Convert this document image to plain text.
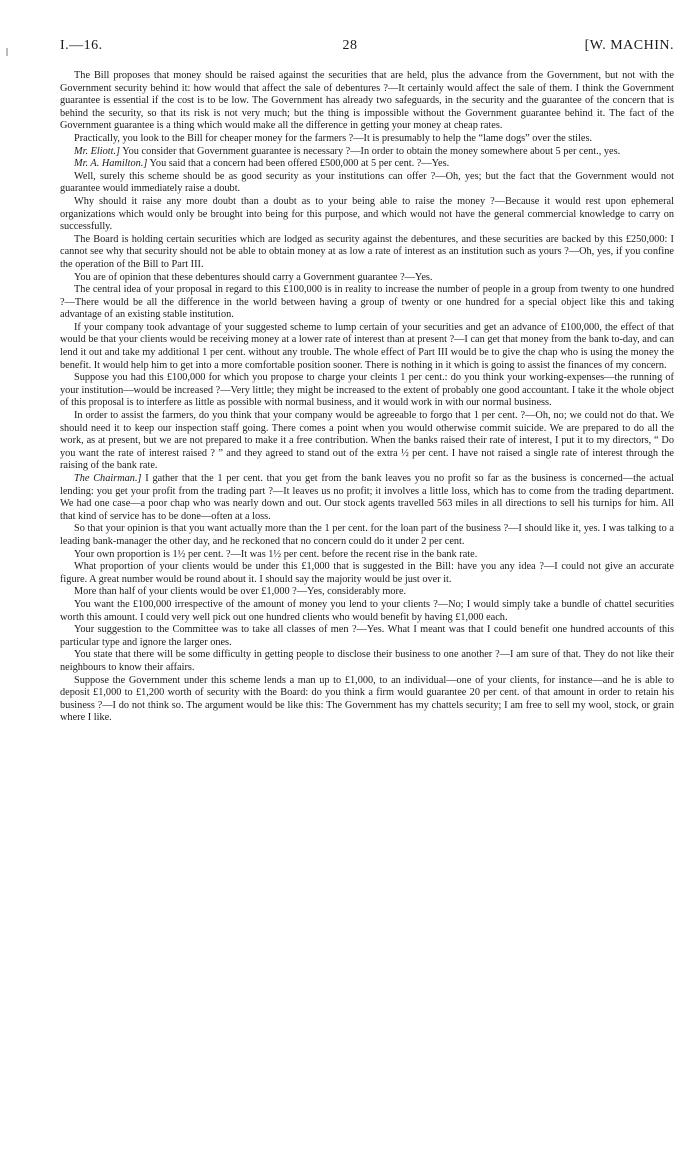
I.—16.	28	[W. MACHIN.

The Bill proposes that money should be raised against the securities that are held, plus the advance from the Government, but not with the Government security behind it: how would that affect the sale of debentures ?—It certainly would affect the sale of them. I think the Government guarantee is essential if the cost is to be low. The Government has already two safeguards, in the security and the guarantee of the concern that is behind the security, so that its risk is not very much; but the thing is impossible without the Government guarantee behind it. The fact of the Government guarantee is a thing which would make all the difference in getting your money at cheap rates.

Practically, you look to the Bill for cheaper money for the farmers ?—It is presumably to help the “lame dogs” over the stiles.

Mr. Eliott.] You consider that Government guarantee is necessary ?—In order to obtain the money somewhere about 5 per cent., yes.

Mr. A. Hamilton.] You said that a concern had been offered £500,000 at 5 per cent. ?—Yes.

Well, surely this scheme should be as good security as your institutions can offer ?—Oh, yes; but the fact that the Government would not guarantee would immediately raise a doubt.

Why should it raise any more doubt than a doubt as to your being able to raise the money ?—Because it would rest upon ephemeral organizations which would only be brought into being for this purpose, and which would not have the general commercial knowledge to carry on successfully.

The Board is holding certain securities which are lodged as security against the debentures, and these securities are backed by this £250,000: I cannot see why that security should not be able to obtain money at as low a rate of interest as an institution such as yours ?—Oh, yes, if you confine the operation of the Bill to Part III.

You are of opinion that these debentures should carry a Government guarantee ?—Yes.

The central idea of your proposal in regard to this £100,000 is in reality to increase the number of people in a group from twenty to one hundred ?—There would be all the difference in the world between having a group of twenty or one hundred for a special object like this and taking advantage of an existing stable institution.

If your company took advantage of your suggested scheme to lump certain of your securities and get an advance of £100,000, the effect of that would be that your clients would be receiving money at a lower rate of interest than at present ?—I can get that money from the bank to-day, and can lend it out and take my additional 1 per cent. without any trouble. The whole effect of Part III would be to give the chap who is using the money the benefit. It would help him to get into a more comfortable position sooner. There is nothing in it which is going to assist the finances of my concern.

Suppose you had this £100,000 for which you propose to charge your cleints 1 per cent.: do you think your working-expenses—the running of your institution—would be increased ?—Very little; they might be increased to the extent of probably one good accountant. I take it the whole object of this proposal is to interfere as little as possible with normal business, and it would work in with our normal business.

In order to assist the farmers, do you think that your company would be agreeable to forgo that 1 per cent. ?—Oh, no; we could not do that. We should need it to keep our inspection staff going. There comes a point when you would otherwise commit suicide. We are prepared to do all the work, as at present, but we are not prepared to make it a free contribution. When the banks raised their rate of interest, I put it to my directors, “ Do you want the rate of interest raised ? ” and they agreed to stand out of the extra ½ per cent. I have not raised a single rate of interest through the raising of the bank rate.

The Chairman.] I gather that the 1 per cent. that you get from the bank leaves you no profit so far as the business is concerned—the actual lending: you get your profit from the trading part ?—It leaves us no profit; it involves a little loss, which has to come from the trading department. We had one case—a poor chap who was nearly down and out. Our stock agents travelled 563 miles in all directions to sell his turnips for him. All that kind of service has to be done—often at a loss.

So that your opinion is that you want actually more than the 1 per cent. for the loan part of the business ?—I should like it, yes. I was talking to a leading bank-manager the other day, and he reckoned that no concern could do it under 2 per cent.

Your own proportion is 1½ per cent. ?—It was 1½ per cent. before the recent rise in the bank rate.

What proportion of your clients would be under this £1,000 that is suggested in the Bill: have you any idea ?—I could not give an accurate figure. A great number would be round about it. I should say the majority would be just over it.

More than half of your clients would be over £1,000 ?—Yes, considerably more.

You want the £100,000 irrespective of the amount of money you lend to your clients ?—No; I would simply take a bundle of chattel securities worth this amount. I could very well pick out one hundred clients who would benefit by having £1,000 each.

Your suggestion to the Committee was to take all classes of men ?—Yes. What I meant was that I could benefit one hundred accounts of this particular type and ignore the larger ones.

You state that there will be some difficulty in getting people to disclose their business to one another ?—I am sure of that. They do not like their neighbours to know their affairs.

Suppose the Government under this scheme lends a man up to £1,000, to an individual—one of your clients, for instance—and he is able to deposit £1,000 to £1,200 worth of security with the Board: do you think a firm would guarantee 20 per cent. of that amount in order to retain his business ?—I do not think so. The argument would be like this: The Government has my chattels security; I am free to sell my wool, stock, or grain where I like.
